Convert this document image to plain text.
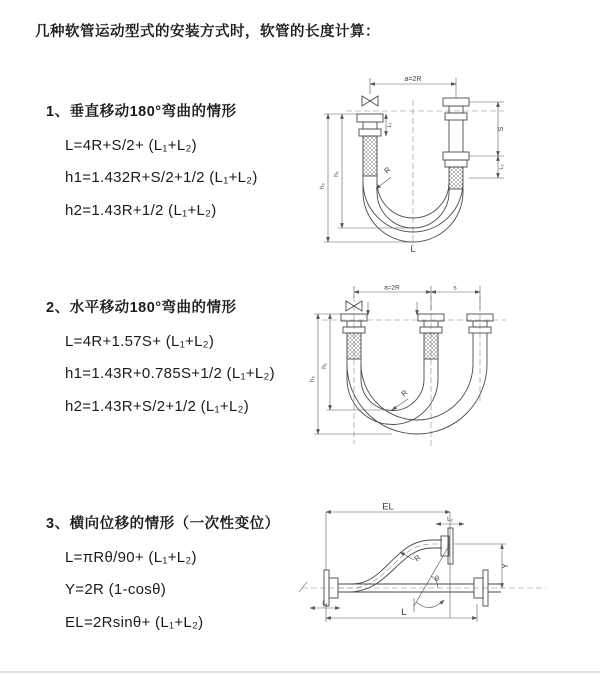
几种软管运动型式的安装方式时，软管的长度计算：
1、垂直移动180°弯曲的情形
L=4R+S/2+ (L₁+L₂)
h1=1.432R+S/2+1/2 (L₁+L₂)
h2=1.43R+1/2 (L₁+L₂)
a=2R
h₁
h₂
S
L₂
L₁
R
L
2、水平移动180°弯曲的情形
L=4R+1.57S+ (L₁+L₂)
h1=1.43R+0.785S+1/2 (L₁+L₂)
h2=1.43R+S/2+1/2 (L₁+L₂)
a=2R	s
h₁
h₂
R
3、横向位移的情形（一次性变位）
L=πRθ/90+ (L₁+L₂)
Y=2R (1-cosθ)
EL=2Rsinθ+ (L₁+L₂)
EL
L₂
Y
L
L₁
R
θ
